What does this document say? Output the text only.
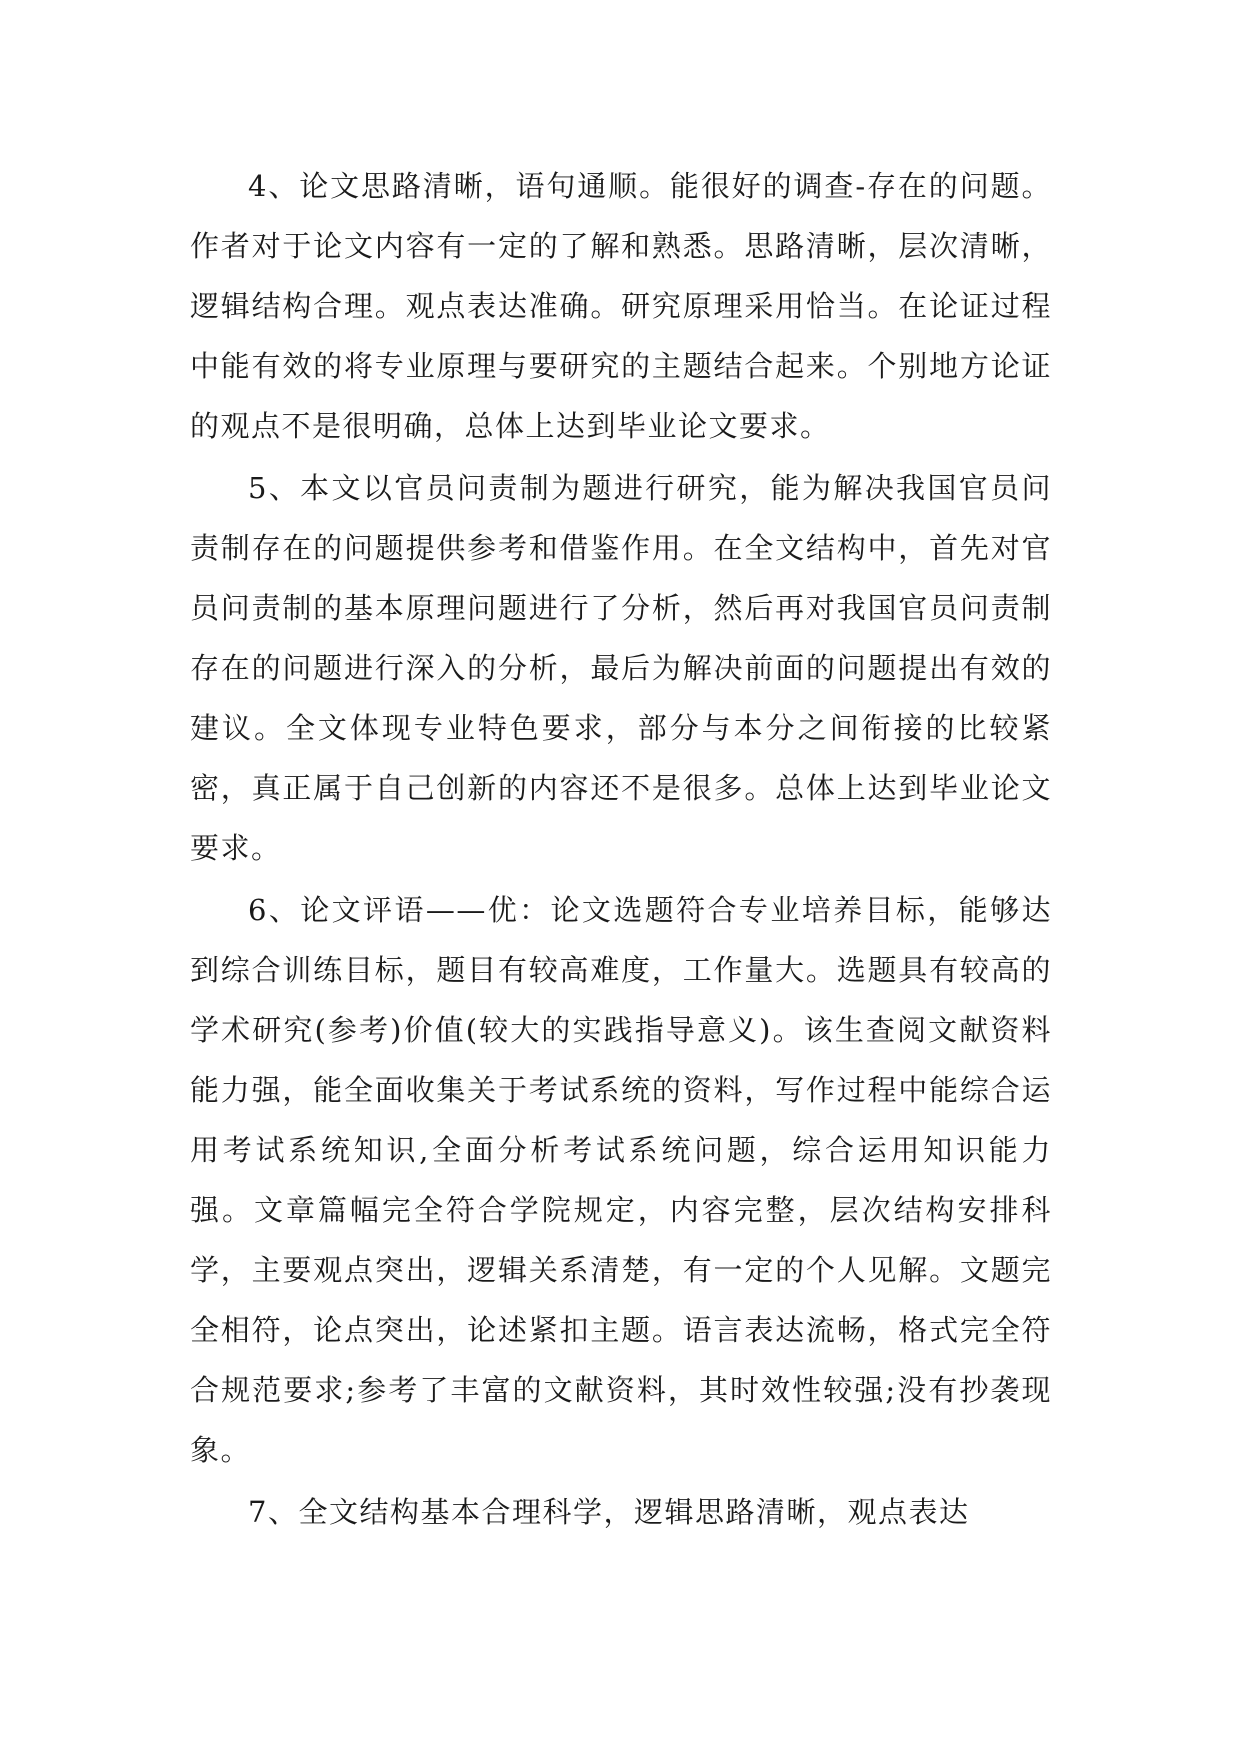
4、论文思路清晰，语句通顺。能很好的调查-存在的问题。作者对于论文内容有一定的了解和熟悉。思路清晰，层次清晰，逻辑结构合理。观点表达准确。研究原理采用恰当。在论证过程中能有效的将专业原理与要研究的主题结合起来。个别地方论证的观点不是很明确，总体上达到毕业论文要求。

5、本文以官员问责制为题进行研究，能为解决我国官员问责制存在的问题提供参考和借鉴作用。在全文结构中，首先对官员问责制的基本原理问题进行了分析，然后再对我国官员问责制存在的问题进行深入的分析，最后为解决前面的问题提出有效的建议。全文体现专业特色要求，部分与本分之间衔接的比较紧密，真正属于自己创新的内容还不是很多。总体上达到毕业论文要求。

6、论文评语——优：论文选题符合专业培养目标，能够达到综合训练目标，题目有较高难度，工作量大。选题具有较高的学术研究(参考)价值(较大的实践指导意义)。该生查阅文献资料能力强，能全面收集关于考试系统的资料，写作过程中能综合运用考试系统知识,全面分析考试系统问题，综合运用知识能力强。文章篇幅完全符合学院规定，内容完整，层次结构安排科学，主要观点突出，逻辑关系清楚，有一定的个人见解。文题完全相符，论点突出，论述紧扣主题。语言表达流畅，格式完全符合规范要求;参考了丰富的文献资料，其时效性较强;没有抄袭现象。

7、全文结构基本合理科学，逻辑思路清晰，观点表达
